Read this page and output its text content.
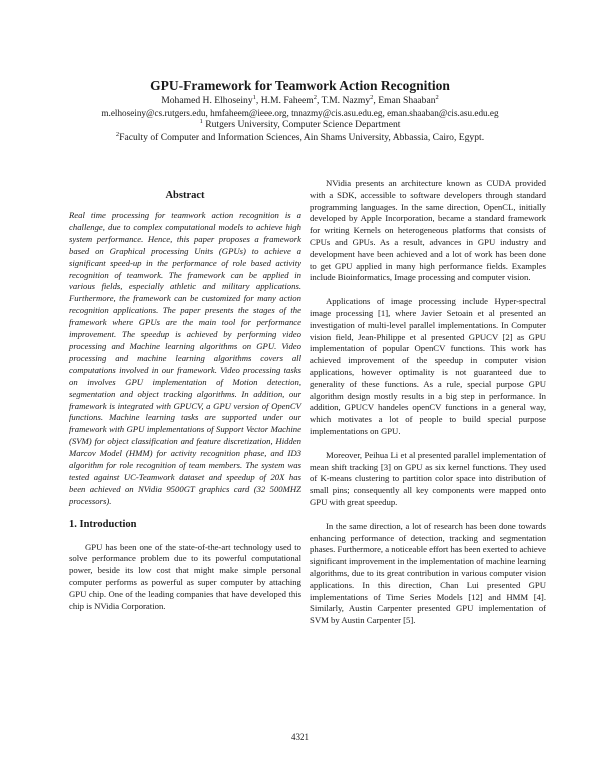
GPU-Framework for Teamwork Action Recognition
Mohamed H. Elhoseiny$^1$, H.M. Faheem$^2$, T.M. Nazmy$^2$, Eman Shaaban$^2$
m.elhoseiny@cs.rutgers.edu, hmfaheem@ieee.org, tnnazmy@cis.asu.edu.eg, eman.shaaban@cis.asu.edu.eg
$^1$ Rutgers University, Computer Science Department
$^2$Faculty of Computer and Information Sciences, Ain Shams University, Abbassia, Cairo, Egypt.
Abstract

Real time processing for teamwork action recognition is a challenge, due to complex computational models to achieve high system performance. Hence, this paper proposes a framework based on Graphical processing Units (GPUs) to achieve a significant speed-up in the performance of role based activity recognition of teamwork. The framework can be applied in various fields, especially athletic and military applications. Furthermore, the framework can be customized for many action recognition applications. The paper presents the stages of the framework where GPUs are the main tool for performance improvement. The speedup is achieved by performing video processing and Machine learning algorithms on GPU. Video processing and machine learning algorithms covers all computations involved in our framework. Video processing tasks on involves GPU implementation of Motion detection, segmentation and object tracking algorithms. In addition, our framework is integrated with GPUCV, a GPU version of OpenCV functions. Machine learning tasks are supported under our framework with GPU implementations of Support Vector Machine (SVM) for object classification and feature discretization, Hidden Marcov Model (HMM) for activity recognition phase, and ID3 algorithm for role recognition of team members. The system was tested against UC-Teamwork dataset and speedup of 20X has been achieved on NVidia 9500GT graphics card (32 500MHZ processors).

1. Introduction

GPU has been one of the state-of-the-art technology used to solve performance problem due to its powerful computational power, beside its low cost that might make simple personal computer performs as powerful as super computer by attaching GPU chip. One of the leading companies that have developed this chip is NVidia Corporation.

NVidia presents an architecture known as CUDA provided with a SDK, accessible to software developers through standard programming languages. In the same direction, OpenCL, initially developed by Apple Incorporation, became a standard framework for writing Kernels on heterogeneous platforms that consists of CPUs and GPUs. As a result, advances in GPU industry and development have been achieved and a lot of work has been done to get GPU applied in many high performance fields. Examples include Bioinformatics, Image processing and computer vision.

Applications of image processing include Hyper-spectral image processing [1], where Javier Setoain et al presented an investigation of multi-level parallel implementations. In Computer vision field, Jean-Philippe et al presented GPUCV [2] as GPU implementation of popular OpenCV functions. This work has achieved improvement of the speedup in computer vision applications, however optimality is not guaranteed due to generality of these functions. As a rule, special purpose GPU algorithm design mostly results in a big step in performance. In addition, GPUCV handeles openCV functions in a general way, which motivates a lot of people to build special purpose implementations on GPU.

Moreover, Peihua Li et al presented parallel implementation of mean shift tracking [3] on GPU as six kernel functions. They used of K-means clustering to partition color space into distribution of small pins; consequently all key components were mapped onto GPU with great speedup.

In the same direction, a lot of research has been done towards enhancing performance of detection, tracking and segmentation phases. Furthermore, a noticeable effort has been exerted to achieve significant improvement in the implementation of machine learning algorithms, due to its great contribution in various computer vision applications. In this direction, Chan Lui presented GPU implementations of Time Series Models [12] and HMM [4]. Similarly, Austin Carpenter presented GPU implementation of SVM by Austin Carpenter [5].

4321
